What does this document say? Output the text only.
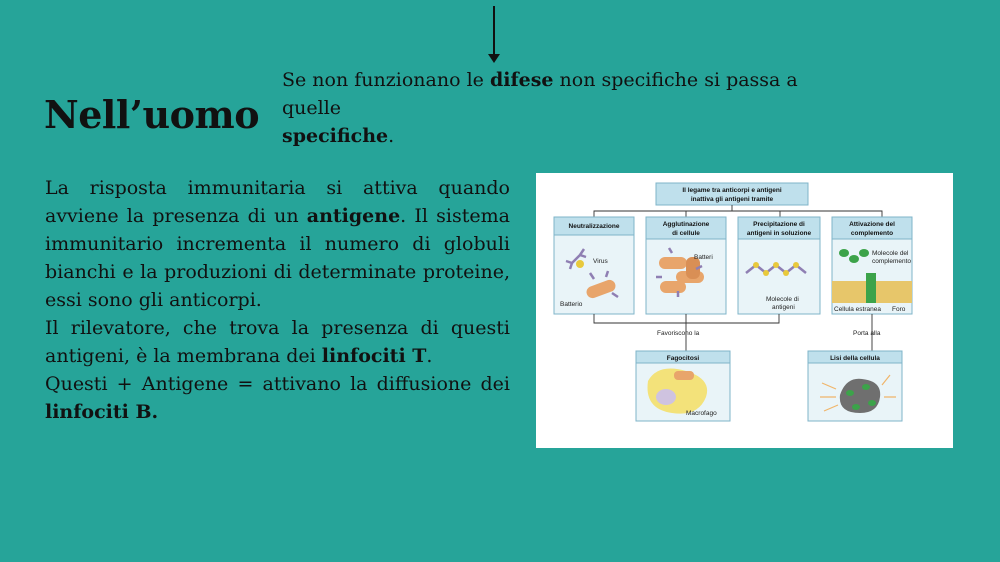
Nell’uomo

Se non funzionano le difese non specifiche si passa a quelle
specifiche.

La risposta immunitaria si attiva quando avviene la presenza di un antigene. Il sistema immunitario incrementa il numero di globuli bianchi e la produzioni di determinate proteine, essi sono gli anticorpi.

Il rilevatore, che trova la presenza di questi antigeni, è la membrana dei linfociti T.

Questi + Antigene = attivano la diffusione dei linfociti B.

Il legame tra anticorpi e antigeni
inattiva gli antigeni tramite
Neutralizzazione
Virus
Batterio
Agglutinazione
di cellule
Batteri
Precipitazione di
antigeni in soluzione
Molecole di
antigeni
Attivazione del
complemento
Molecole del
complemento
Cellula estranea Foro
Favoriscono la	Porta alla
Fagocitosi
Macrofago
Lisi della cellula
